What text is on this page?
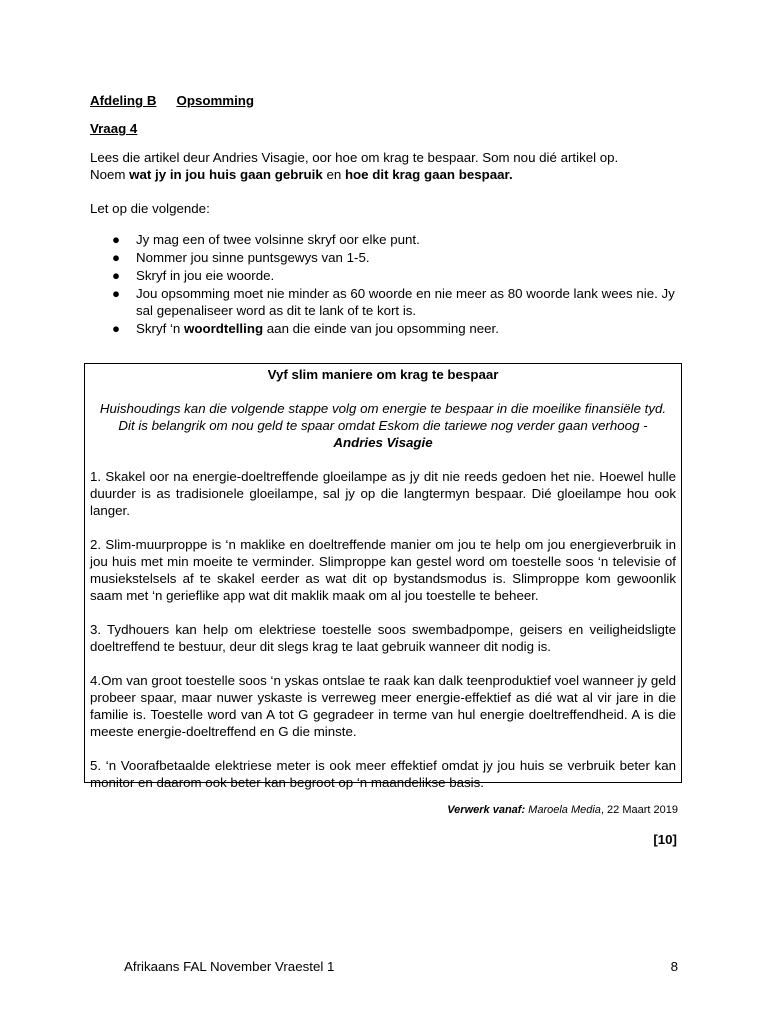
Afdeling B Opsomming
Vraag 4
Lees die artikel deur Andries Visagie, oor hoe om krag te bespaar. Som nou dié artikel op.
Noem wat jy in jou huis gaan gebruik en hoe dit krag gaan bespaar.
Let op die volgende:
● Jy mag een of twee volsinne skryf oor elke punt.
● Nommer jou sinne puntsgewys van 1-5.
● Skryf in jou eie woorde.
● Jou opsomming moet nie minder as 60 woorde en nie meer as 80 woorde lank wees nie. Jy sal gepenaliseer word as dit te lank of te kort is.
● Skryf ‘n woordtelling aan die einde van jou opsomming neer.

Vyf slim maniere om krag te bespaar

Huishoudings kan die volgende stappe volg om energie te bespaar in die moeilike finansiële tyd. Dit is belangrik om nou geld te spaar omdat Eskom die tariewe nog verder gaan verhoog -
Andries Visagie

1. Skakel oor na energie-doeltreffende gloeilampe as jy dit nie reeds gedoen het nie. Hoewel hulle duurder is as tradisionele gloeilampe, sal jy op die langtermyn bespaar. Dié gloeilampe hou ook langer.

2. Slim-muurproppe is ‘n maklike en doeltreffende manier om jou te help om jou energieverbruik in jou huis met min moeite te verminder. Slimproppe kan gestel word om toestelle soos ‘n televisie of musiekstelsels af te skakel eerder as wat dit op bystandsmodus is. Slimproppe kom gewoonlik saam met ‘n gerieflike app wat dit maklik maak om al jou toestelle te beheer.

3. Tydhouers kan help om elektriese toestelle soos swembadpompe, geisers en veiligheidsligte doeltreffend te bestuur, deur dit slegs krag te laat gebruik wanneer dit nodig is.

4.Om van groot toestelle soos ‘n yskas ontslae te raak kan dalk teenproduktief voel wanneer jy geld probeer spaar, maar nuwer yskaste is verreweg meer energie-effektief as dié wat al vir jare in die familie is. Toestelle word van A tot G gegradeer in terme van hul energie doeltreffendheid. A is die meeste energie-doeltreffend en G die minste.

5. ‘n Voorafbetaalde elektriese meter is ook meer effektief omdat jy jou huis se verbruik beter kan monitor en daarom ook beter kan begroot op ‘n maandelikse basis.

Verwerk vanaf: Maroela Media, 22 Maart 2019
[10]
Afrikaans FAL November Vraestel 1	8
